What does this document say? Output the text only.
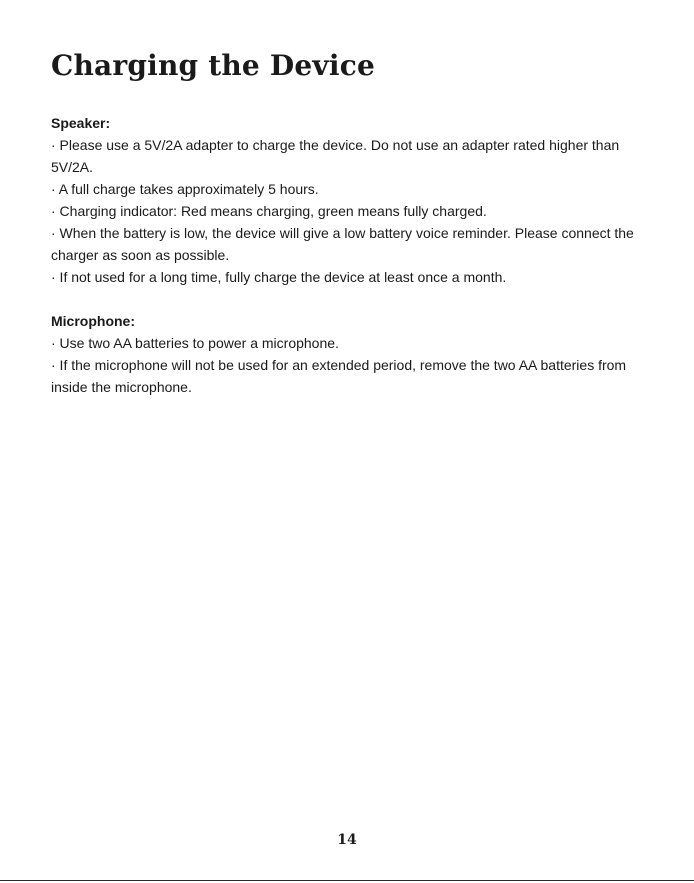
Charging the Device

Speaker:

· Please use a 5V/2A adapter to charge the device. Do not use an adapter rated higher than 5V/2A.

· A full charge takes approximately 5 hours.

· Charging indicator: Red means charging, green means fully charged.

· When the battery is low, the device will give a low battery voice reminder. Please connect the charger as soon as possible.

· If not used for a long time, fully charge the device at least once a month.

Microphone:

· Use two AA batteries to power a microphone.

· If the microphone will not be used for an extended period, remove the two AA batteries from inside the microphone.

14
